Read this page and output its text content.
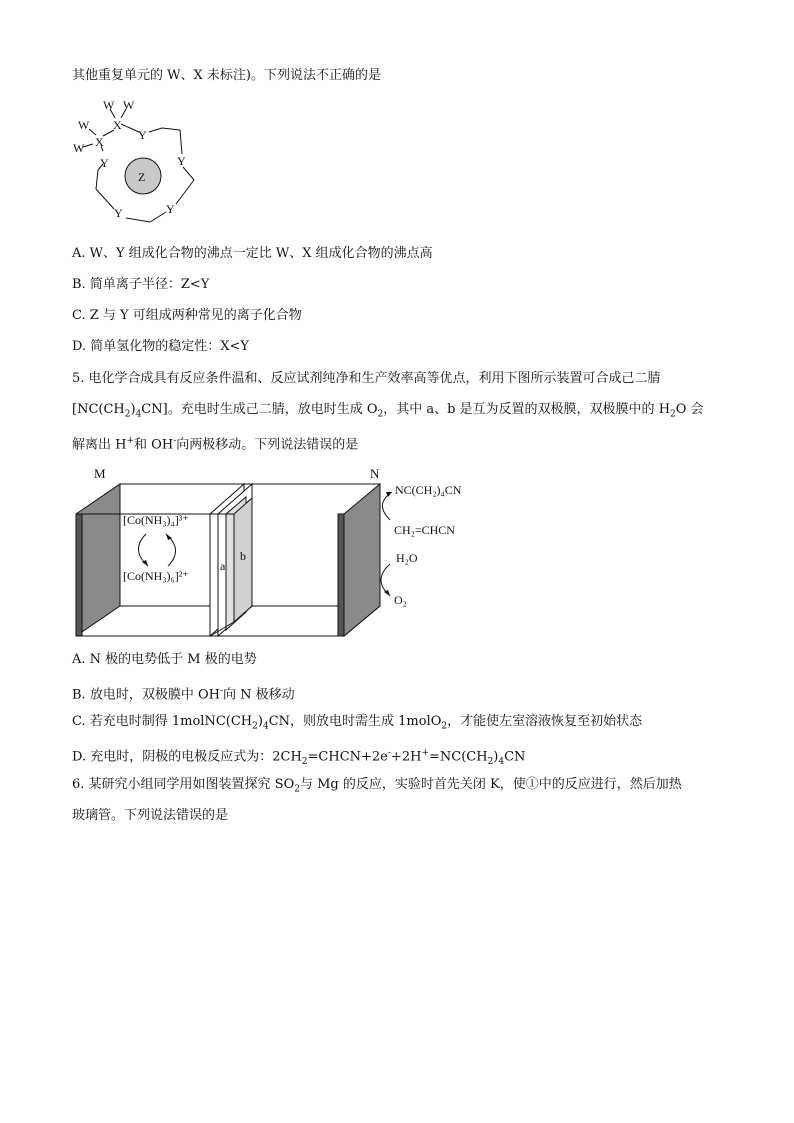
其他重复单元的 W、X 未标注)。下列说法不正确的是
W W
W
W
X
X	Y
Y
Y
Y	Y
Z
A. W、Y 组成化合物的沸点一定比 W、X 组成化合物的沸点高
B. 简单离子半径：Z<Y
C. Z 与 Y 可组成两种常见的离子化合物
D. 简单氢化物的稳定性：X<Y
5. 电化学合成具有反应条件温和、反应试剂纯净和生产效率高等优点，利用下图所示装置可合成己二腈
$[NC(CH_2)_4CN]$。充电时生成己二腈，放电时生成 $O_2$，其中 a、b 是互为反置的双极膜，双极膜中的 $H_2O$ 会
解离出 H+和 OH-向两极移动。下列说法错误的是
M	N
[Co(NH₃)₄]³⁺
[Co(NH₃)₆]²⁺
a
b
NC(CH₂)₄CN
CH₂=CHCN
H₂O
O₂
A. N 极的电势低于 M 极的电势
B. 放电时，双极膜中 OH-向 N 极移动
C. 若充电时制得 $1molNC(CH_2)_4CN$，则放电时需生成 1molO$_2$，才能使左室溶液恢复至初始状态
D. 充电时，阴极的电极反应式为：$2CH_2=CHCN+2e^-+2H^+=NC(CH_2)_4CN$
6. 某研究小组同学用如图装置探究 $SO_2$与 Mg 的反应，实验时首先关闭 K，使①中的反应进行，然后加热
玻璃管。下列说法错误的是
